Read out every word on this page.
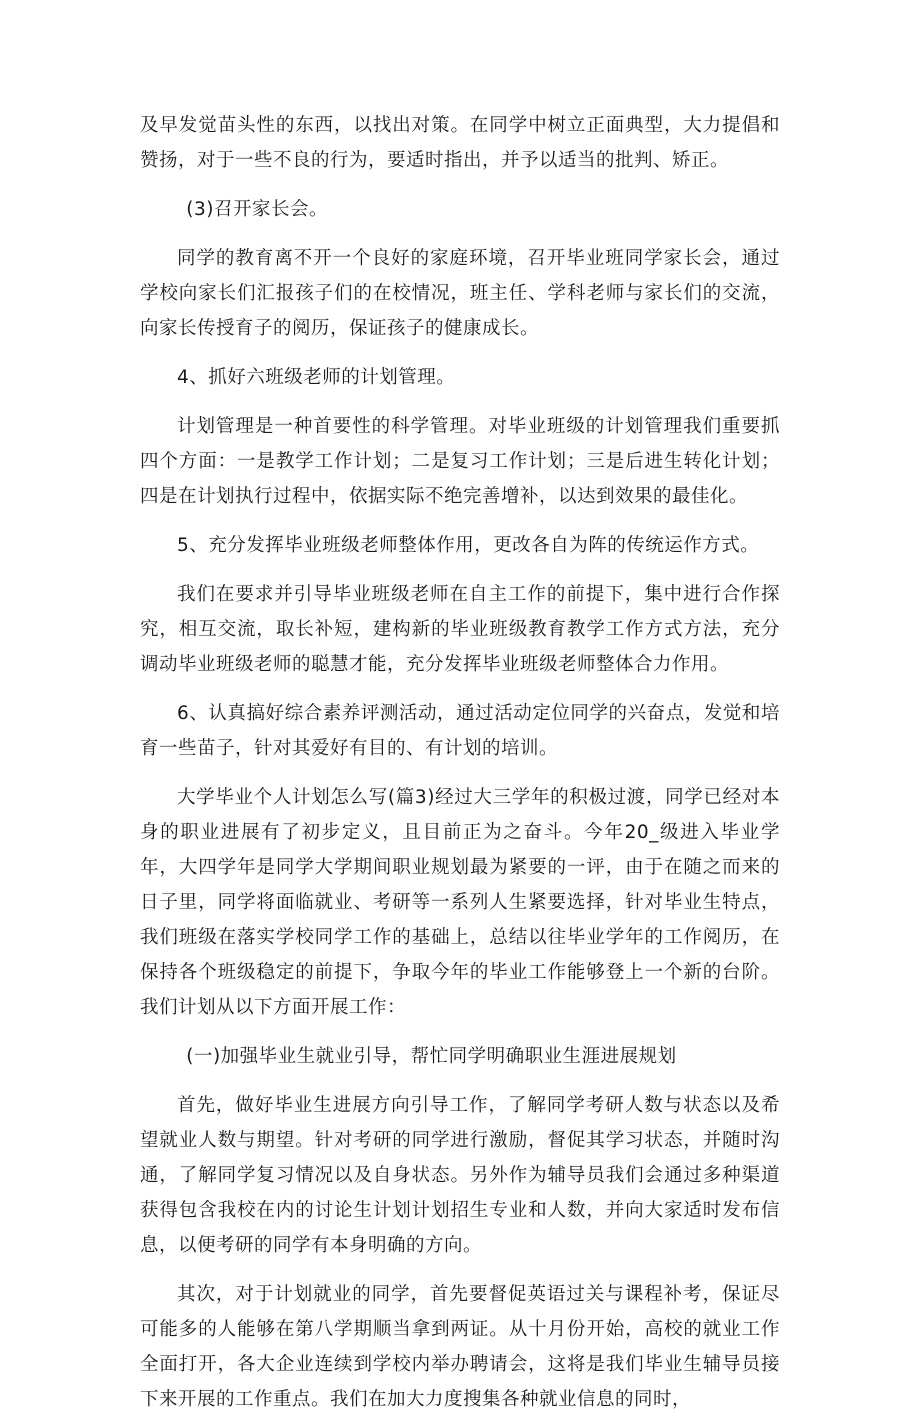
及早发觉苗头性的东西，以找出对策。在同学中树立正面典型，大力提倡和赞扬，对于一些不良的行为，要适时指出，并予以适当的批判、矫正。

(3)召开家长会。

同学的教育离不开一个良好的家庭环境，召开毕业班同学家长会，通过学校向家长们汇报孩子们的在校情况，班主任、学科老师与家长们的交流，向家长传授育子的阅历，保证孩子的健康成长。

4、抓好六班级老师的计划管理。

计划管理是一种首要性的科学管理。对毕业班级的计划管理我们重要抓四个方面：一是教学工作计划；二是复习工作计划；三是后进生转化计划；四是在计划执行过程中，依据实际不绝完善增补，以达到效果的最佳化。

5、充分发挥毕业班级老师整体作用，更改各自为阵的传统运作方式。

我们在要求并引导毕业班级老师在自主工作的前提下，集中进行合作探究，相互交流，取长补短，建构新的毕业班级教育教学工作方式方法，充分调动毕业班级老师的聪慧才能，充分发挥毕业班级老师整体合力作用。

6、认真搞好综合素养评测活动，通过活动定位同学的兴奋点，发觉和培育一些苗子，针对其爱好有目的、有计划的培训。

大学毕业个人计划怎么写(篇3)经过大三学年的积极过渡，同学已经对本身的职业进展有了初步定义，且目前正为之奋斗。今年20_级进入毕业学年，大四学年是同学大学期间职业规划最为紧要的一评，由于在随之而来的日子里，同学将面临就业、考研等一系列人生紧要选择，针对毕业生特点，我们班级在落实学校同学工作的基础上，总结以往毕业学年的工作阅历，在保持各个班级稳定的前提下，争取今年的毕业工作能够登上一个新的台阶。我们计划从以下方面开展工作：

(一)加强毕业生就业引导，帮忙同学明确职业生涯进展规划

首先，做好毕业生进展方向引导工作，了解同学考研人数与状态以及希望就业人数与期望。针对考研的同学进行激励，督促其学习状态，并随时沟通，了解同学复习情况以及自身状态。另外作为辅导员我们会通过多种渠道获得包含我校在内的讨论生计划计划招生专业和人数，并向大家适时发布信息，以便考研的同学有本身明确的方向。

其次，对于计划就业的同学，首先要督促英语过关与课程补考，保证尽可能多的人能够在第八学期顺当拿到两证。从十月份开始，高校的就业工作全面打开，各大企业连续到学校内举办聘请会，这将是我们毕业生辅导员接下来开展的工作重点。我们在加大力度搜集各种就业信息的同时，
